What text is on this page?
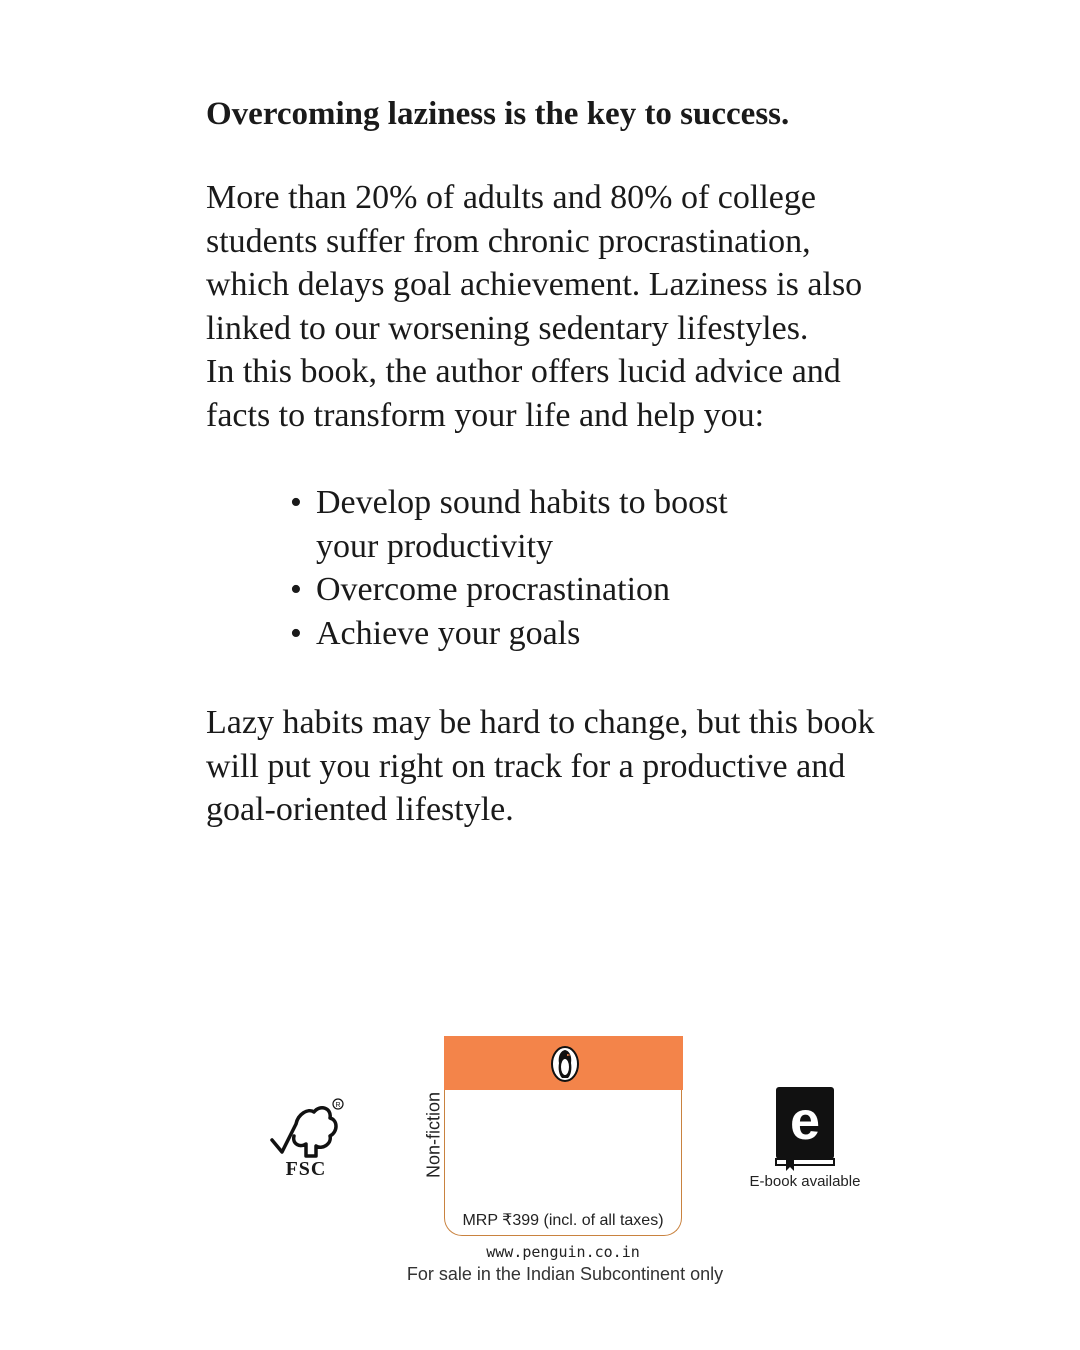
Overcoming laziness is the key to success.

More than 20% of adults and 80% of college
students suffer from chronic procrastination,
which delays goal achievement. Laziness is also
linked to our worsening sedentary lifestyles.
In this book, the author offers lucid advice and
facts to transform your life and help you:

• Develop sound habits to boost
your productivity
• Overcome procrastination
• Achieve your goals

Lazy habits may be hard to change, but this book
will put you right on track for a productive and
goal-oriented lifestyle.

R
FSC	Non-fiction
MRP ₹399 (incl. of all taxes)
www.penguin.co.in
For sale in the Indian Subcontinent only
e
E-book available
